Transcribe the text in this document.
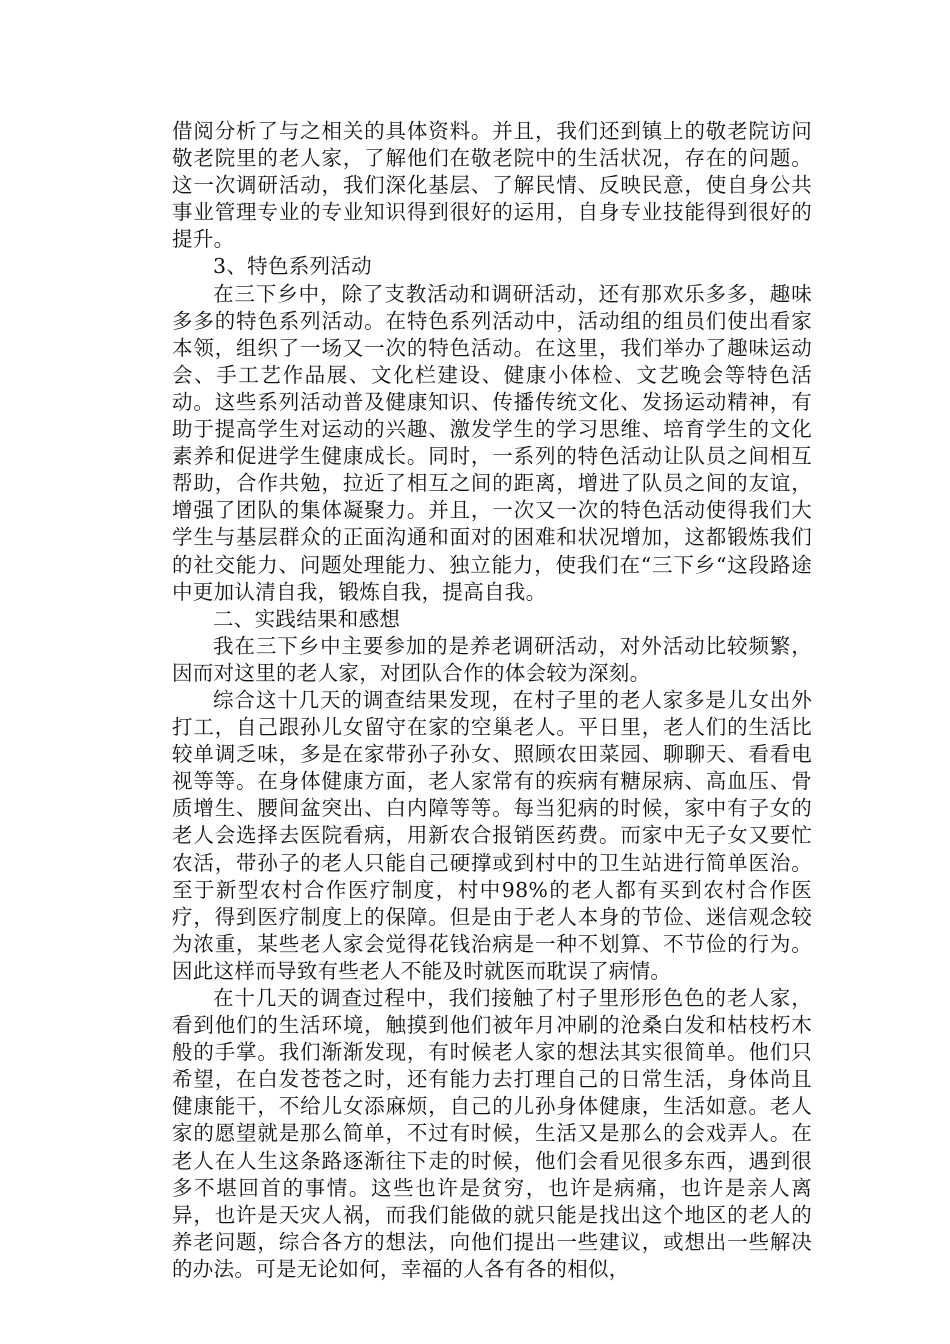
借阅分析了与之相关的具体资料。并且，我们还到镇上的敬老院访问敬老院里的老人家，了解他们在敬老院中的生活状况，存在的问题。这一次调研活动，我们深化基层、了解民情、反映民意，使自身公共事业管理专业的专业知识得到很好的运用，自身专业技能得到很好的提升。

3、特色系列活动

在三下乡中，除了支教活动和调研活动，还有那欢乐多多，趣味多多的特色系列活动。在特色系列活动中，活动组的组员们使出看家本领，组织了一场又一次的特色活动。在这里，我们举办了趣味运动会、手工艺作品展、文化栏建设、健康小体检、文艺晚会等特色活动。这些系列活动普及健康知识、传播传统文化、发扬运动精神，有助于提高学生对运动的兴趣、激发学生的学习思维、培育学生的文化素养和促进学生健康成长。同时，一系列的特色活动让队员之间相互帮助，合作共勉，拉近了相互之间的距离，增进了队员之间的友谊，增强了团队的集体凝聚力。并且，一次又一次的特色活动使得我们大学生与基层群众的正面沟通和面对的困难和状况增加，这都锻炼我们的社交能力、问题处理能力、独立能力，使我们在“三下乡“这段路途中更加认清自我，锻炼自我，提高自我。

二、实践结果和感想

我在三下乡中主要参加的是养老调研活动，对外活动比较频繁，因而对这里的老人家，对团队合作的体会较为深刻。

综合这十几天的调查结果发现，在村子里的老人家多是儿女出外打工，自己跟孙儿女留守在家的空巢老人。平日里，老人们的生活比较单调乏味，多是在家带孙子孙女、照顾农田菜园、聊聊天、看看电视等等。在身体健康方面，老人家常有的疾病有糖尿病、高血压、骨质增生、腰间盆突出、白内障等等。每当犯病的时候，家中有子女的老人会选择去医院看病，用新农合报销医药费。而家中无子女又要忙农活，带孙子的老人只能自己硬撑或到村中的卫生站进行简单医治。至于新型农村合作医疗制度，村中98%的老人都有买到农村合作医疗，得到医疗制度上的保障。但是由于老人本身的节俭、迷信观念较为浓重，某些老人家会觉得花钱治病是一种不划算、不节俭的行为。因此这样而导致有些老人不能及时就医而耽误了病情。

在十几天的调查过程中，我们接触了村子里形形色色的老人家，看到他们的生活环境，触摸到他们被年月冲刷的沧桑白发和枯枝朽木般的手掌。我们渐渐发现，有时候老人家的想法其实很简单。他们只希望，在白发苍苍之时，还有能力去打理自己的日常生活，身体尚且健康能干，不给儿女添麻烦，自己的儿孙身体健康，生活如意。老人家的愿望就是那么简单，不过有时候，生活又是那么的会戏弄人。在老人在人生这条路逐渐往下走的时候，他们会看见很多东西，遇到很多不堪回首的事情。这些也许是贫穷，也许是病痛，也许是亲人离异，也许是天灾人祸，而我们能做的就只能是找出这个地区的老人的养老问题，综合各方的想法，向他们提出一些建议，或想出一些解决的办法。可是无论如何，幸福的人各有各的相似，
